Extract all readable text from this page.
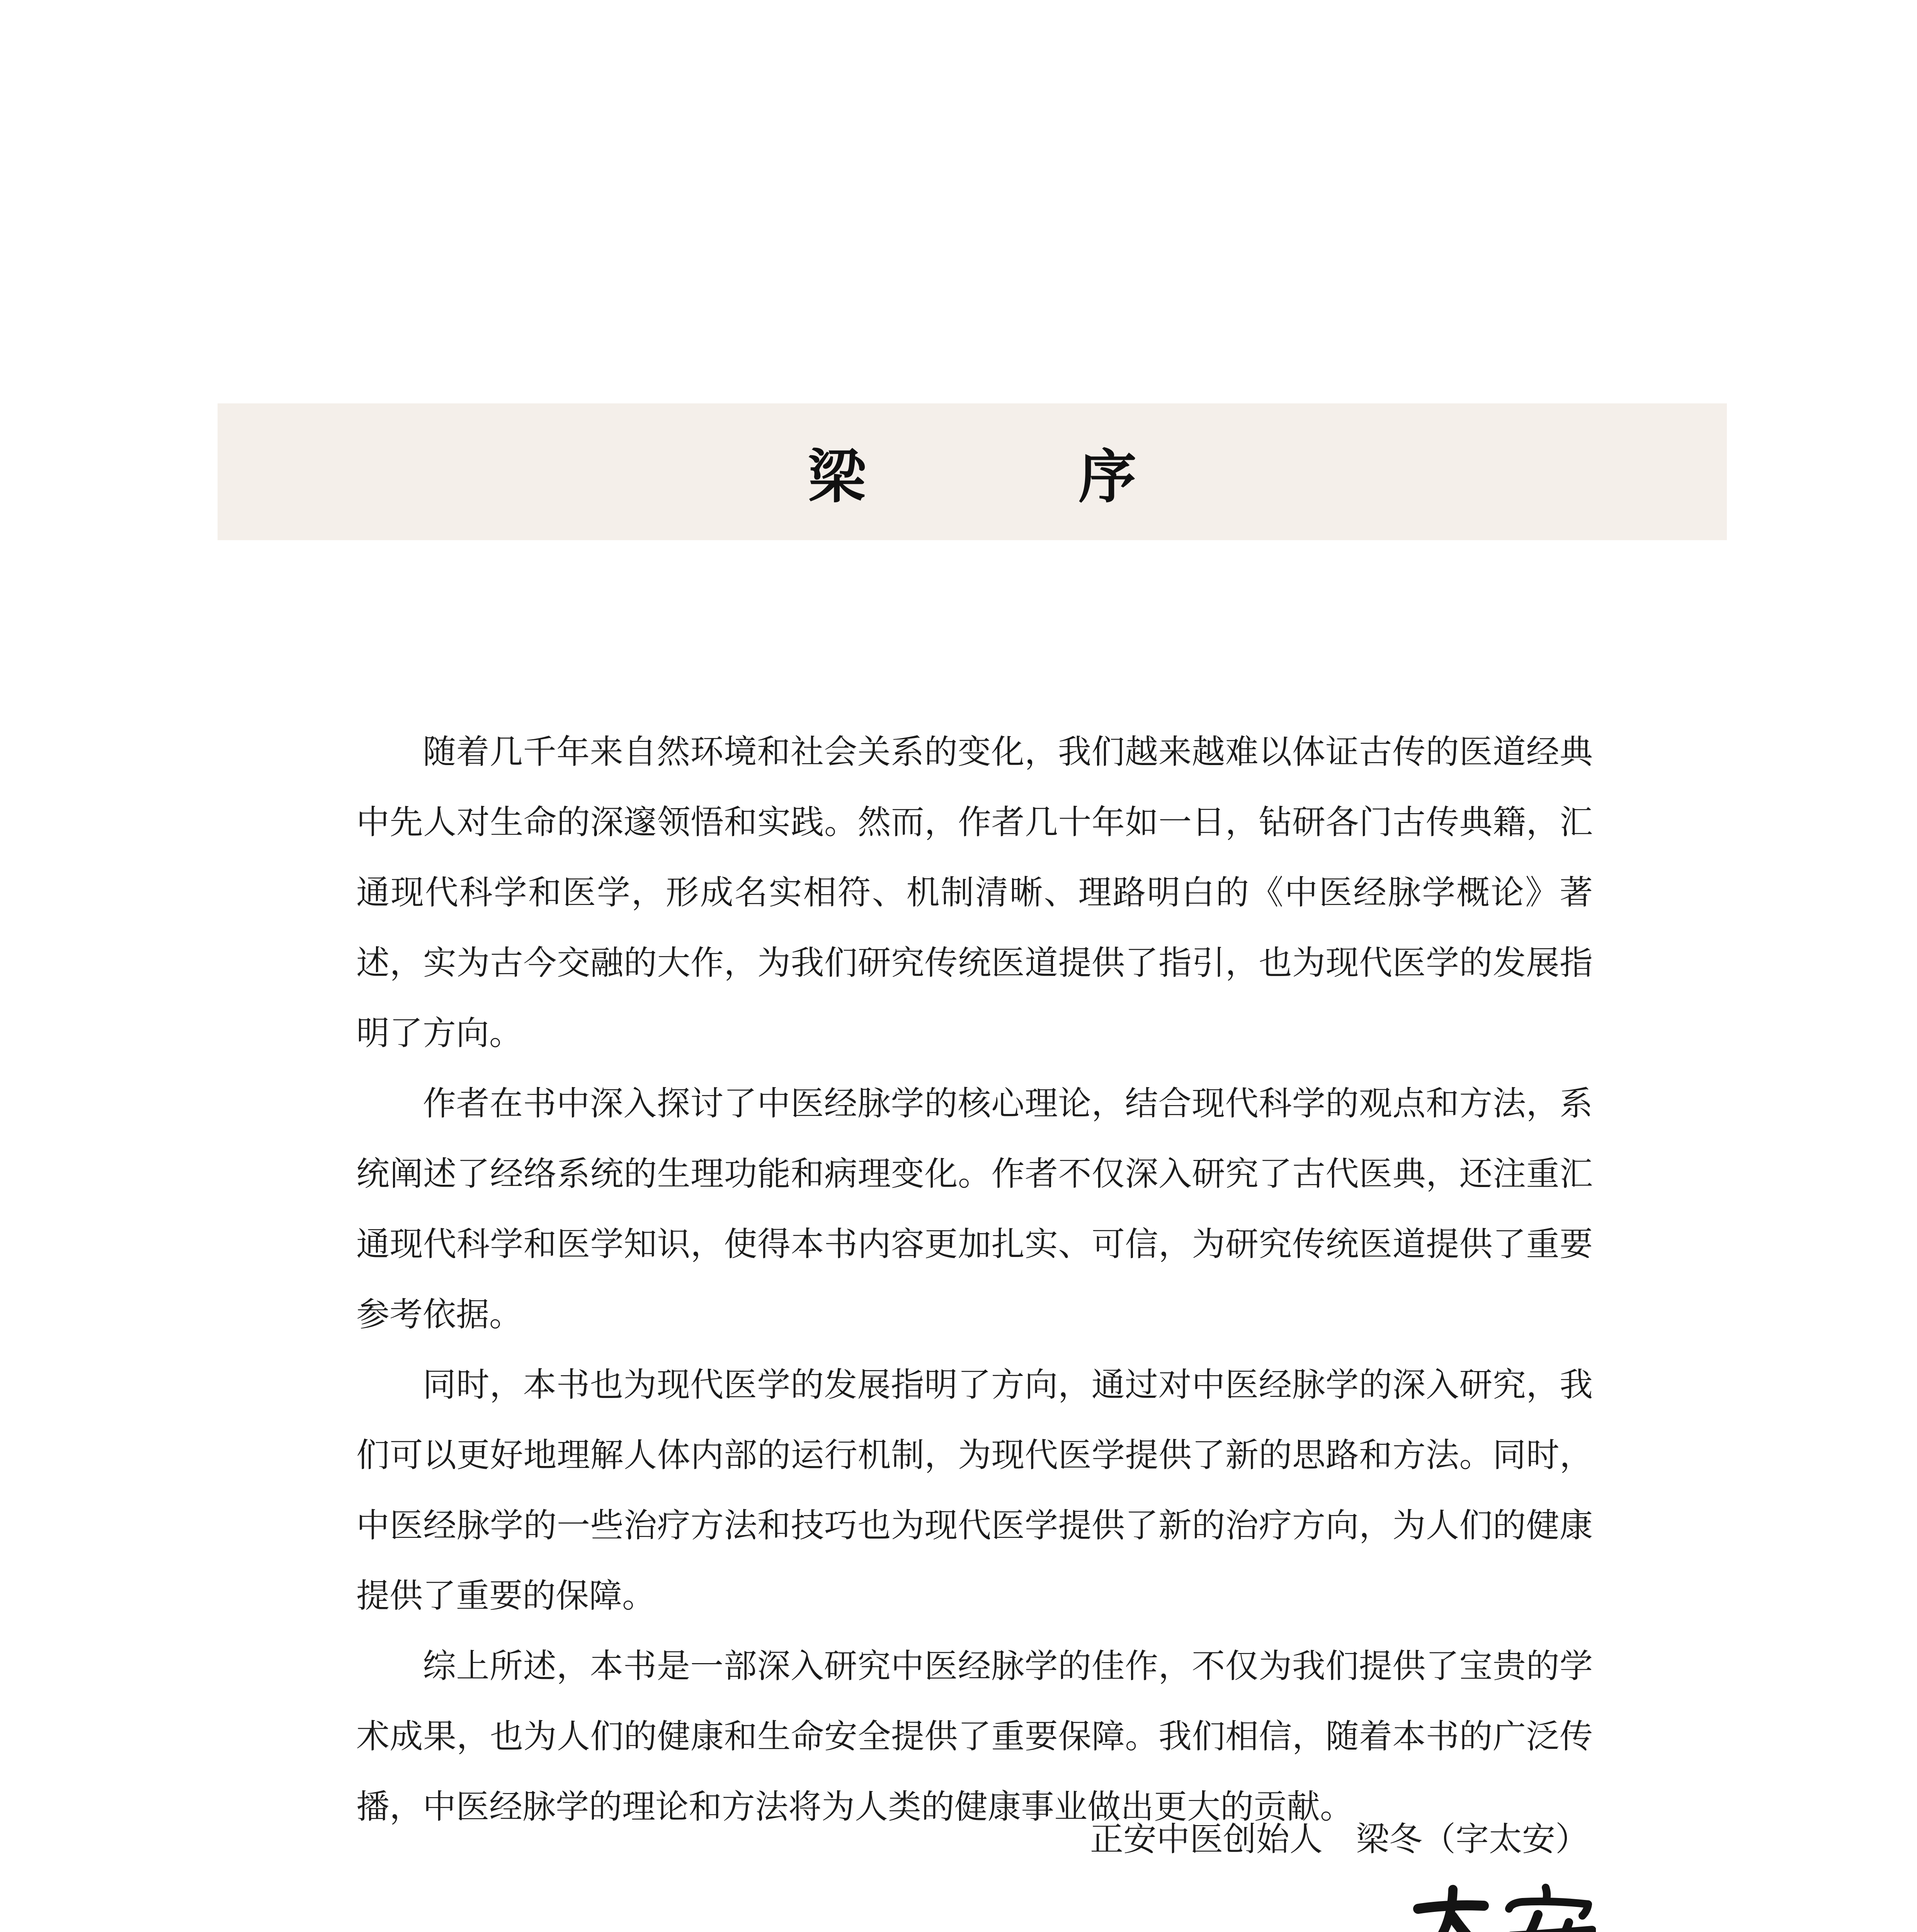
梁　序

随着几千年来自然环境和社会关系的变化，我们越来越难以体证古传的医道经典中先人对生命的深邃领悟和实践。然而，作者几十年如一日，钻研各门古传典籍，汇通现代科学和医学，形成名实相符、机制清晰、理路明白的《中医经脉学概论》著述，实为古今交融的大作，为我们研究传统医道提供了指引，也为现代医学的发展指明了方向。

作者在书中深入探讨了中医经脉学的核心理论，结合现代科学的观点和方法，系统阐述了经络系统的生理功能和病理变化。作者不仅深入研究了古代医典，还注重汇通现代科学和医学知识，使得本书内容更加扎实、可信，为研究传统医道提供了重要参考依据。

同时，本书也为现代医学的发展指明了方向，通过对中医经脉学的深入研究，我们可以更好地理解人体内部的运行机制，为现代医学提供了新的思路和方法。同时，中医经脉学的一些治疗方法和技巧也为现代医学提供了新的治疗方向，为人们的健康提供了重要的保障。

综上所述，本书是一部深入研究中医经脉学的佳作，不仅为我们提供了宝贵的学术成果，也为人们的健康和生命安全提供了重要保障。我们相信，随着本书的广泛传播，中医经脉学的理论和方法将为人类的健康事业做出更大的贡献。

正安中医创始人　梁冬（字太安）
